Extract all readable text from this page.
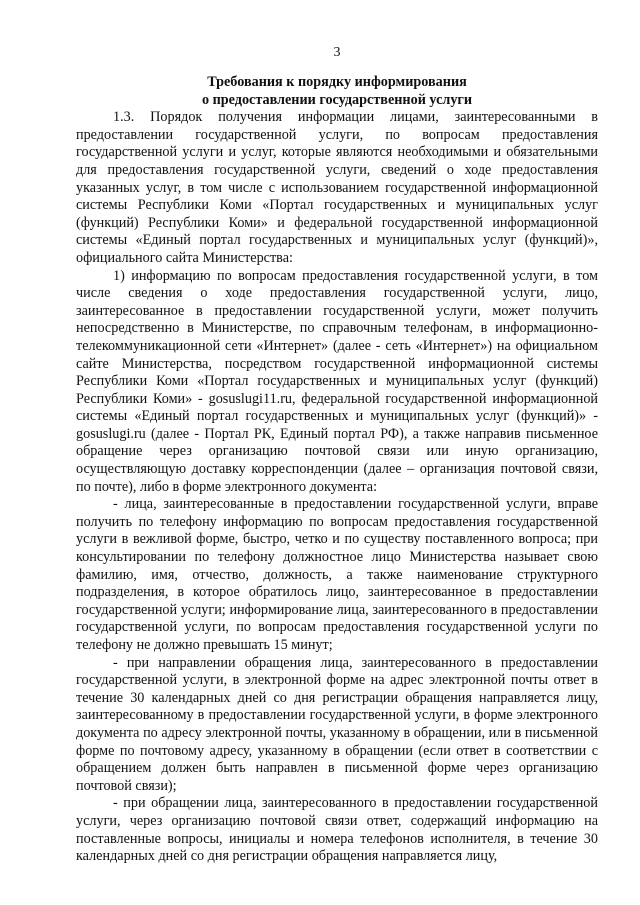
3
Требования к порядку информирования
о предоставлении государственной услуги

1.3. Порядок получения информации лицами, заинтересованными в предоставлении государственной услуги, по вопросам предоставления государственной услуги и услуг, которые являются необходимыми и обязательными для предоставления государственной услуги, сведений о ходе предоставления указанных услуг, в том числе с использованием государственной информационной системы Республики Коми «Портал государственных и муниципальных услуг (функций) Республики Коми» и федеральной государственной информационной системы «Единый портал государственных и муниципальных услуг (функций)», официального сайта Министерства:

1) информацию по вопросам предоставления государственной услуги, в том числе сведения о ходе предоставления государственной услуги, лицо, заинтересованное в предоставлении государственной услуги, может получить непосредственно в Министерстве, по справочным телефонам, в информационно-телекоммуникационной сети «Интернет» (далее - сеть «Интернет») на официальном сайте Министерства, посредством государственной информационной системы Республики Коми «Портал государственных и муниципальных услуг (функций) Республики Коми» - gosuslugi11.ru, федеральной государственной информационной системы «Единый портал государственных и муниципальных услуг (функций)» - gosuslugi.ru (далее - Портал РК, Единый портал РФ), а также направив письменное обращение через организацию почтовой связи или иную организацию, осуществляющую доставку корреспонденции (далее – организация почтовой связи, по почте), либо в форме электронного документа:

- лица, заинтересованные в предоставлении государственной услуги, вправе получить по телефону информацию по вопросам предоставления государственной услуги в вежливой форме, быстро, четко и по существу поставленного вопроса; при консультировании по телефону должностное лицо Министерства называет свою фамилию, имя, отчество, должность, а также наименование структурного подразделения, в которое обратилось лицо, заинтересованное в предоставлении государственной услуги; информирование лица, заинтересованного в предоставлении государственной услуги, по вопросам предоставления государственной услуги по телефону не должно превышать 15 минут;

- при направлении обращения лица, заинтересованного в предоставлении государственной услуги, в электронной форме на адрес электронной почты ответ в течение 30 календарных дней со дня регистрации обращения направляется лицу, заинтересованному в предоставлении государственной услуги, в форме электронного документа по адресу электронной почты, указанному в обращении, или в письменной форме по почтовому адресу, указанному в обращении (если ответ в соответствии с обращением должен быть направлен в письменной форме через организацию почтовой связи);

- при обращении лица, заинтересованного в предоставлении государственной услуги, через организацию почтовой связи ответ, содержащий информацию на поставленные вопросы, инициалы и номера телефонов исполнителя, в течение 30 календарных дней со дня регистрации обращения направляется лицу,
